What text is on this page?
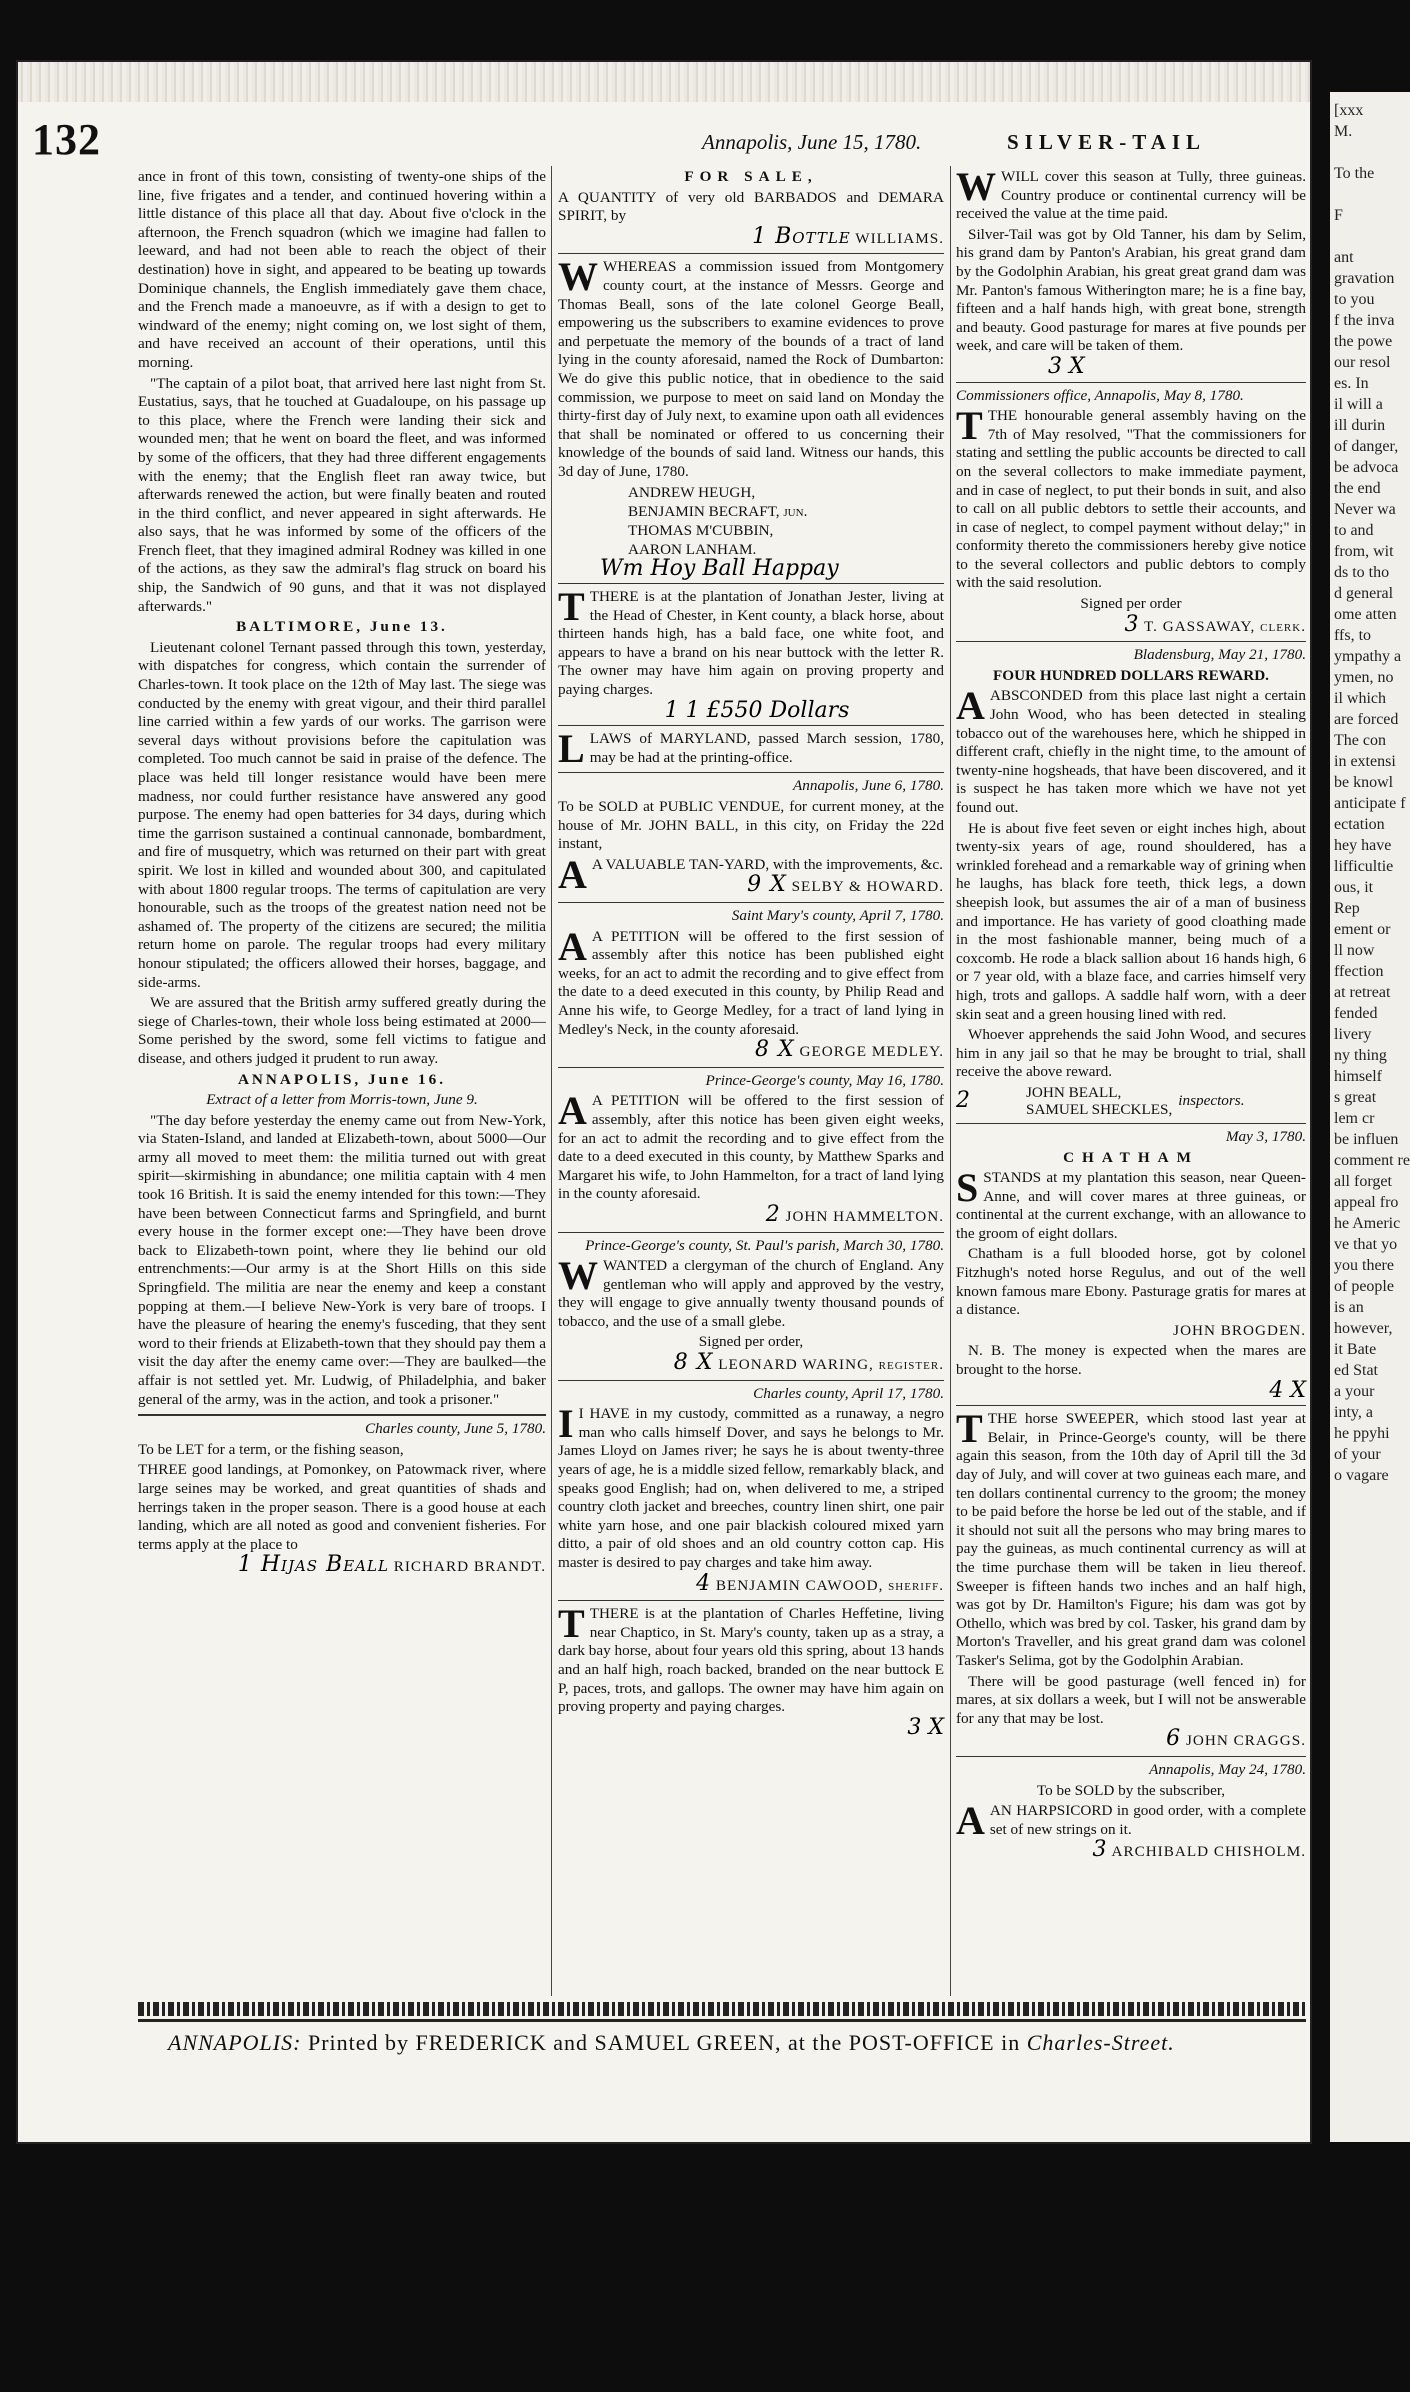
132	Annapolis, June 15, 1780.	SILVER-TAIL

ance in front of this town, consisting of twenty-one ships of the line, five frigates and a tender, and continued hovering within a little distance of this place all that day. About five o'clock in the afternoon, the French squadron (which we imagine had fallen to leeward, and had not been able to reach the object of their destination) hove in sight, and appeared to be beating up towards Dominique channels, the English immediately gave them chace, and the French made a manoeuvre, as if with a design to get to windward of the enemy; night coming on, we lost sight of them, and have received an account of their operations, until this morning.

"The captain of a pilot boat, that arrived here last night from St. Eustatius, says, that he touched at Guadaloupe, on his passage up to this place, where the French were landing their sick and wounded men; that he went on board the fleet, and was informed by some of the officers, that they had three different engagements with the enemy; that the English fleet ran away twice, but afterwards renewed the action, but were finally beaten and routed in the third conflict, and never appeared in sight afterwards. He also says, that he was informed by some of the officers of the French fleet, that they imagined admiral Rodney was killed in one of the actions, as they saw the admiral's flag struck on board his ship, the Sandwich of 90 guns, and that it was not displayed afterwards."

BALTIMORE, June 13.

Lieutenant colonel Ternant passed through this town, yesterday, with dispatches for congress, which contain the surrender of Charles-town. It took place on the 12th of May last. The siege was conducted by the enemy with great vigour, and their third parallel line carried within a few yards of our works. The garrison were several days without provisions before the capitulation was completed. Too much cannot be said in praise of the defence. The place was held till longer resistance would have been mere madness, nor could further resistance have answered any good purpose. The enemy had open batteries for 34 days, during which time the garrison sustained a continual cannonade, bombardment, and fire of musquetry, which was returned on their part with great spirit. We lost in killed and wounded about 300, and capitulated with about 1800 regular troops. The terms of capitulation are very honourable, such as the troops of the greatest nation need not be ashamed of. The property of the citizens are secured; the militia return home on parole. The regular troops had every military honour stipulated; the officers allowed their horses, baggage, and side-arms.

We are assured that the British army suffered greatly during the siege of Charles-town, their whole loss being estimated at 2000—Some perished by the sword, some fell victims to fatigue and disease, and others judged it prudent to run away.

ANNAPOLIS, June 16.

Extract of a letter from Morris-town, June 9.

"The day before yesterday the enemy came out from New-York, via Staten-Island, and landed at Elizabeth-town, about 5000—Our army all moved to meet them: the militia turned out with great spirit—skirmishing in abundance; one militia captain with 4 men took 16 British. It is said the enemy intended for this town:—They have been between Connecticut farms and Springfield, and burnt every house in the former except one:—They have been drove back to Elizabeth-town point, where they lie behind our old entrenchments:—Our army is at the Short Hills on this side Springfield. The militia are near the enemy and keep a constant popping at them.—I believe New-York is very bare of troops. I have the pleasure of hearing the enemy's fusceding, that they sent word to their friends at Elizabeth-town that they should pay them a visit the day after the enemy came over:—They are baulked—the affair is not settled yet. Mr. Ludwig, of Philadelphia, and baker general of the army, was in the action, and took a prisoner."

Charles county, June 5, 1780.

To be LET for a term, or the fishing season,

THREE good landings, at Pomonkey, on Patowmack river, where large seines may be worked, and great quantities of shads and herrings taken in the proper season. There is a good house at each landing, which are all noted as good and convenient fisheries. For terms apply at the place to

1 Hijas Beall RICHARD BRANDT.

FOR SALE,

A QUANTITY of very old BARBADOS and DEMARA SPIRIT, by

1 Bottle WILLIAMS.

WWHEREAS a commission issued from Montgomery county court, at the instance of Messrs. George and Thomas Beall, sons of the late colonel George Beall, empowering us the subscribers to examine evidences to prove and perpetuate the memory of the bounds of a tract of land lying in the county aforesaid, named the Rock of Dumbarton: We do give this public notice, that in obedience to the said commission, we purpose to meet on said land on Monday the thirty-first day of July next, to examine upon oath all evidences that shall be nominated or offered to us concerning their knowledge of the bounds of said land. Witness our hands, this 3d day of June, 1780.

ANDREW HEUGH,

BENJAMIN BECRAFT, jun.

THOMAS M'CUBBIN,

AARON LANHAM.

Wm Hoy Ball Happay

TTHERE is at the plantation of Jonathan Jester, living at the Head of Chester, in Kent county, a black horse, about thirteen hands high, has a bald face, one white foot, and appears to have a brand on his near buttock with the letter R. The owner may have him again on proving property and paying charges.

1 1 £550 Dollars

LLAWS of MARYLAND, passed March session, 1780, may be had at the printing-office.

Annapolis, June 6, 1780.

To be SOLD at PUBLIC VENDUE, for current money, at the house of Mr. JOHN BALL, in this city, on Friday the 22d instant,

A A VALUABLE TAN-YARD, with the improvements, &c.

9 X SELBY & HOWARD.

Saint Mary's county, April 7, 1780.

A A PETITION will be offered to the first session of assembly after this notice has been published eight weeks, for an act to admit the recording and to give effect from the date to a deed executed in this county, by Philip Read and Anne his wife, to George Medley, for a tract of land lying in Medley's Neck, in the county aforesaid.

8 X GEORGE MEDLEY.

Prince-George's county, May 16, 1780.

A A PETITION will be offered to the first session of assembly, after this notice has been given eight weeks, for an act to admit the recording and to give effect from the date to a deed executed in this county, by Matthew Sparks and Margaret his wife, to John Hammelton, for a tract of land lying in the county aforesaid.

2 JOHN HAMMELTON.

Prince-George's county, St. Paul's parish, March 30, 1780.

WWANTED a clergyman of the church of England. Any gentleman who will apply and approved by the vestry, they will engage to give annually twenty thousand pounds of tobacco, and the use of a small glebe.

Signed per order,

8 X LEONARD WARING, register.

Charles county, April 17, 1780.

I I HAVE in my custody, committed as a runaway, a negro man who calls himself Dover, and says he belongs to Mr. James Lloyd on James river; he says he is about twenty-three years of age, he is a middle sized fellow, remarkably black, and speaks good English; had on, when delivered to me, a striped country cloth jacket and breeches, country linen shirt, one pair white yarn hose, and one pair blackish coloured mixed yarn ditto, a pair of old shoes and an old country cotton cap. His master is desired to pay charges and take him away.

4 BENJAMIN CAWOOD, sheriff.

TTHERE is at the plantation of Charles Heffetine, living near Chaptico, in St. Mary's county, taken up as a stray, a dark bay horse, about four years old this spring, about 13 hands and an half high, roach backed, branded on the near buttock E P, paces, trots, and gallops. The owner may have him again on proving property and paying charges.

3 X

WWILL cover this season at Tully, three guineas. Country produce or continental currency will be received the value at the time paid.

Silver-Tail was got by Old Tanner, his dam by Selim, his grand dam by Panton's Arabian, his great grand dam by the Godolphin Arabian, his great great grand dam was Mr. Panton's famous Witherington mare; he is a fine bay, fifteen and a half hands high, with great bone, strength and beauty. Good pasturage for mares at five pounds per week, and care will be taken of them.

3 X

Commissioners office, Annapolis, May 8, 1780.

TTHE honourable general assembly having on the 7th of May resolved, "That the commissioners for stating and settling the public accounts be directed to call on the several collectors to make immediate payment, and in case of neglect, to put their bonds in suit, and also to call on all public debtors to settle their accounts, and in case of neglect, to compel payment without delay;" in conformity thereto the commissioners hereby give notice to the several collectors and public debtors to comply with the said resolution.

Signed per order

3 T. GASSAWAY, clerk.

Bladensburg, May 21, 1780.

FOUR HUNDRED DOLLARS REWARD.

AABSCONDED from this place last night a certain John Wood, who has been detected in stealing tobacco out of the warehouses here, which he shipped in different craft, chiefly in the night time, to the amount of twenty-nine hogsheads, that have been discovered, and it is suspect he has taken more which we have not yet found out.

He is about five feet seven or eight inches high, about twenty-six years of age, round shouldered, has a wrinkled forehead and a remarkable way of grining when he laughs, has black fore teeth, thick legs, a down sheepish look, but assumes the air of a man of business and importance. He has variety of good cloathing made in the most fashionable manner, being much of a coxcomb. He rode a black sallion about 16 hands high, 6 or 7 year old, with a blaze face, and carries himself very high, trots and gallops. A saddle half worn, with a deer skin seat and a green housing lined with red.

Whoever apprehends the said John Wood, and secures him in any jail so that he may be brought to trial, shall receive the above reward.

2	JOHN BEALL,
SAMUEL SHECKLES,
inspectors.

May 3, 1780.

CHATHAM

SSTANDS at my plantation this season, near Queen-Anne, and will cover mares at three guineas, or continental at the current exchange, with an allowance to the groom of eight dollars.

Chatham is a full blooded horse, got by colonel Fitzhugh's noted horse Regulus, and out of the well known famous mare Ebony. Pasturage gratis for mares at a distance.

JOHN BROGDEN.

N. B. The money is expected when the mares are brought to the horse.

4 X

TTHE horse SWEEPER, which stood last year at Belair, in Prince-George's county, will be there again this season, from the 10th day of April till the 3d day of July, and will cover at two guineas each mare, and ten dollars continental currency to the groom; the money to be paid before the horse be led out of the stable, and if it should not suit all the persons who may bring mares to pay the guineas, as much continental currency as will at the time purchase them will be taken in lieu thereof. Sweeper is fifteen hands two inches and an half high, was got by Dr. Hamilton's Figure; his dam was got by Othello, which was bred by col. Tasker, his grand dam by Morton's Traveller, and his great grand dam was colonel Tasker's Selima, got by the Godolphin Arabian.

There will be good pasturage (well fenced in) for mares, at six dollars a week, but I will not be answerable for any that may be lost.

6 JOHN CRAGGS.

Annapolis, May 24, 1780.

To be SOLD by the subscriber,

AAN HARPSICORD in good order, with a complete set of new strings on it.

3 ARCHIBALD CHISHOLM.

ANNAPOLIS: Printed by FREDERICK and SAMUEL GREEN, at the POST-OFFICE in Charles-Street.
[xxx
M.

To the

F

ant
gravation
to you
f the inva
the powe
our resol
es. In
il will a
ill durin
of danger,
be advoca
the end
Never wa
to and
from, wit
ds to tho
d general
ome atten
ffs, to
ympathy a
ymen, no
il which
are forced
The con
in extensi
be knowl
anticipate f
ectation
hey have
lifficultie
ous, it
Rep
ement or
ll now
ffection
at retreat
fended
livery
ny thing
himself
s great
lem cr
be influen
comment re
all forget
appeal fro
he Americ
ve that yo
you there
of people
is an
however,
it Bate
ed Stat
a your
inty, a
he ppyhi
of your
o vagare
